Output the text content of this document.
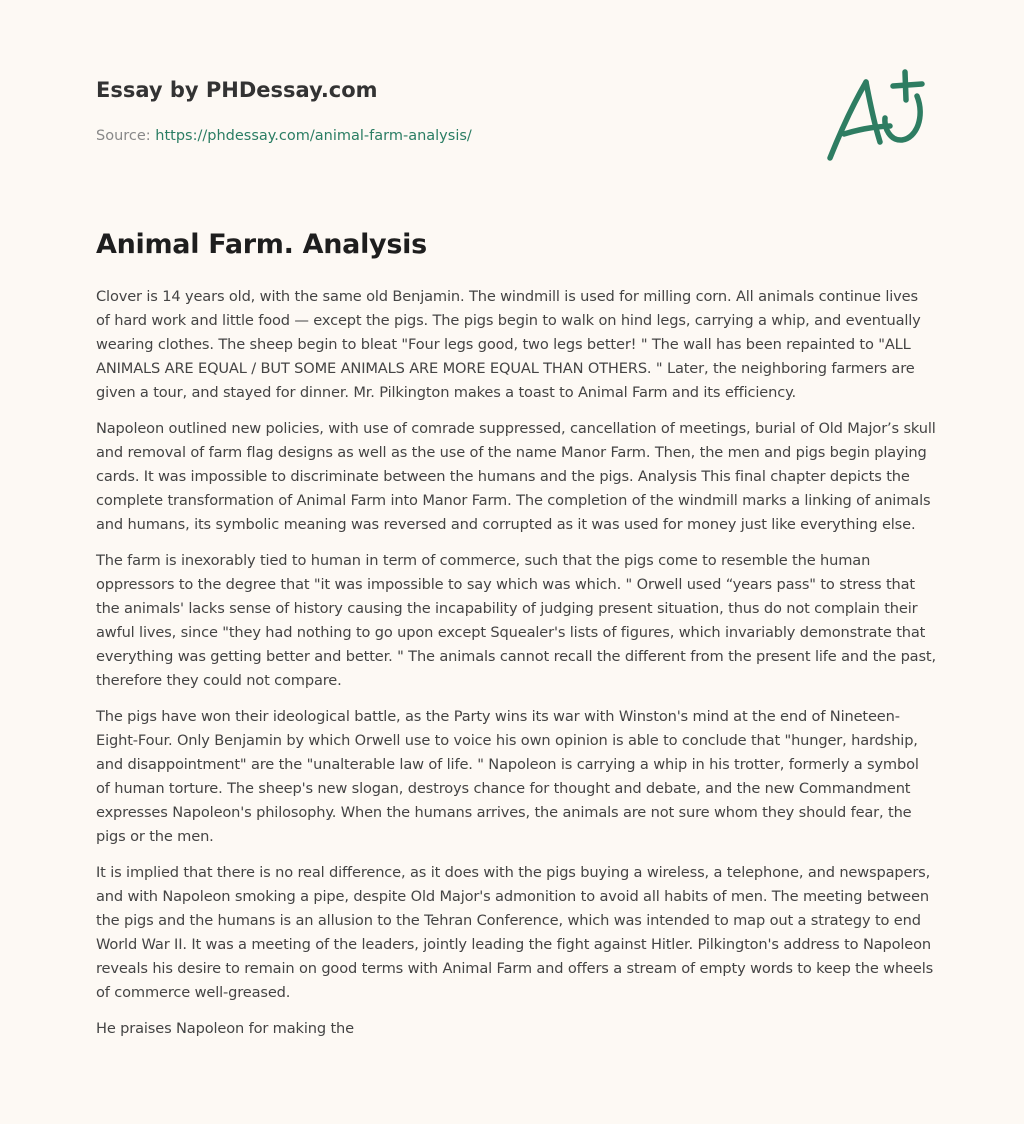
Essay by PHDessay.com
Source: https://phdessay.com/animal-farm-analysis/
Animal Farm. Analysis

Clover is 14 years old, with the same old Benjamin. The windmill is used for milling corn. All animals continue lives of hard work and little food — except the pigs. The pigs begin to walk on hind legs, carrying a whip, and eventually wearing clothes. The sheep begin to bleat "Four legs good, two legs better! " The wall has been repainted to "ALL ANIMALS ARE EQUAL / BUT SOME ANIMALS ARE MORE EQUAL THAN OTHERS. " Later, the neighboring farmers are given a tour, and stayed for dinner. Mr. Pilkington makes a toast to Animal Farm and its efficiency.

Napoleon outlined new policies, with use of comrade suppressed, cancellation of meetings, burial of Old Major’s skull and removal of farm flag designs as well as the use of the name Manor Farm. Then, the men and pigs begin playing cards. It was impossible to discriminate between the humans and the pigs. Analysis This final chapter depicts the complete transformation of Animal Farm into Manor Farm. The completion of the windmill marks a linking of animals and humans, its symbolic meaning was reversed and corrupted as it was used for money just like everything else.

The farm is inexorably tied to human in term of commerce, such that the pigs come to resemble the human oppressors to the degree that "it was impossible to say which was which. " Orwell used “years pass" to stress that the animals' lacks sense of history causing the incapability of judging present situation, thus do not complain their awful lives, since "they had nothing to go upon except Squealer's lists of figures, which invariably demonstrate that everything was getting better and better. " The animals cannot recall the different from the present life and the past, therefore they could not compare.

The pigs have won their ideological battle, as the Party wins its war with Winston's mind at the end of Nineteen-Eight-Four. Only Benjamin by which Orwell use to voice his own opinion is able to conclude that "hunger, hardship, and disappointment" are the "unalterable law of life. " Napoleon is carrying a whip in his trotter, formerly a symbol of human torture. The sheep's new slogan, destroys chance for thought and debate, and the new Commandment expresses Napoleon's philosophy. When the humans arrives, the animals are not sure whom they should fear, the pigs or the men.

It is implied that there is no real difference, as it does with the pigs buying a wireless, a telephone, and newspapers, and with Napoleon smoking a pipe, despite Old Major's admonition to avoid all habits of men. The meeting between the pigs and the humans is an allusion to the Tehran Conference, which was intended to map out a strategy to end World War II. It was a meeting of the leaders, jointly leading the fight against Hitler. Pilkington's address to Napoleon reveals his desire to remain on good terms with Animal Farm and offers a stream of empty words to keep the wheels of commerce well-greased.

He praises Napoleon for making the
